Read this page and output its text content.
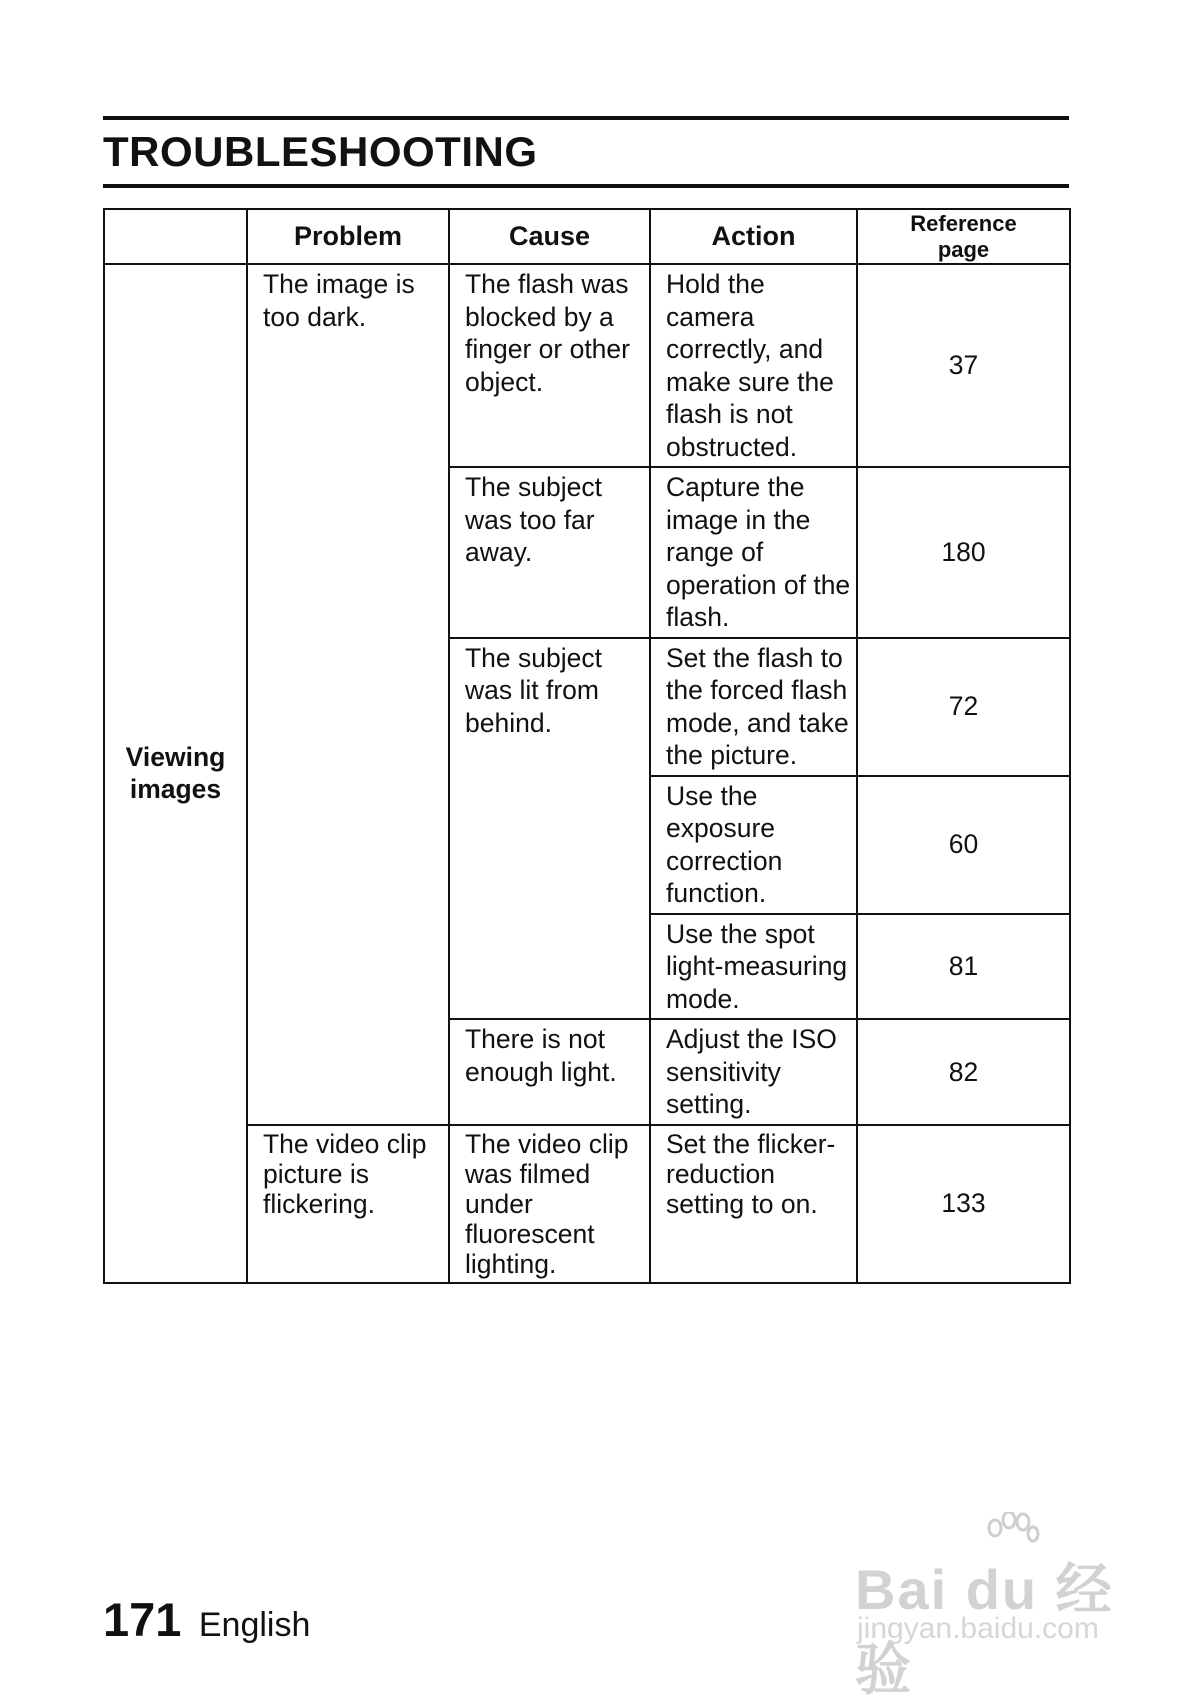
TROUBLESHOOTING
	Problem	Cause	Action	Reference
page

Viewing images	The image is too dark.	The flash was blocked by a finger or other object.	Hold the camera correctly, and make sure the flash is not obstructed.	37
		The subject was too far away.	Capture the image in the range of operation of the flash.	180
		The subject was lit from behind.	Set the flash to the forced flash mode, and take the picture.	72
			Use the exposure correction function.	60
			Use the spot light-measuring mode.	81
		There is not enough light.	Adjust the ISO sensitivity setting.	82
	The video clip picture is flickering.	The video clip was filmed under fluorescent lighting.	Set the flicker-reduction setting to on.	133
171 English
Bai du 经验
jingyan.baidu.com
